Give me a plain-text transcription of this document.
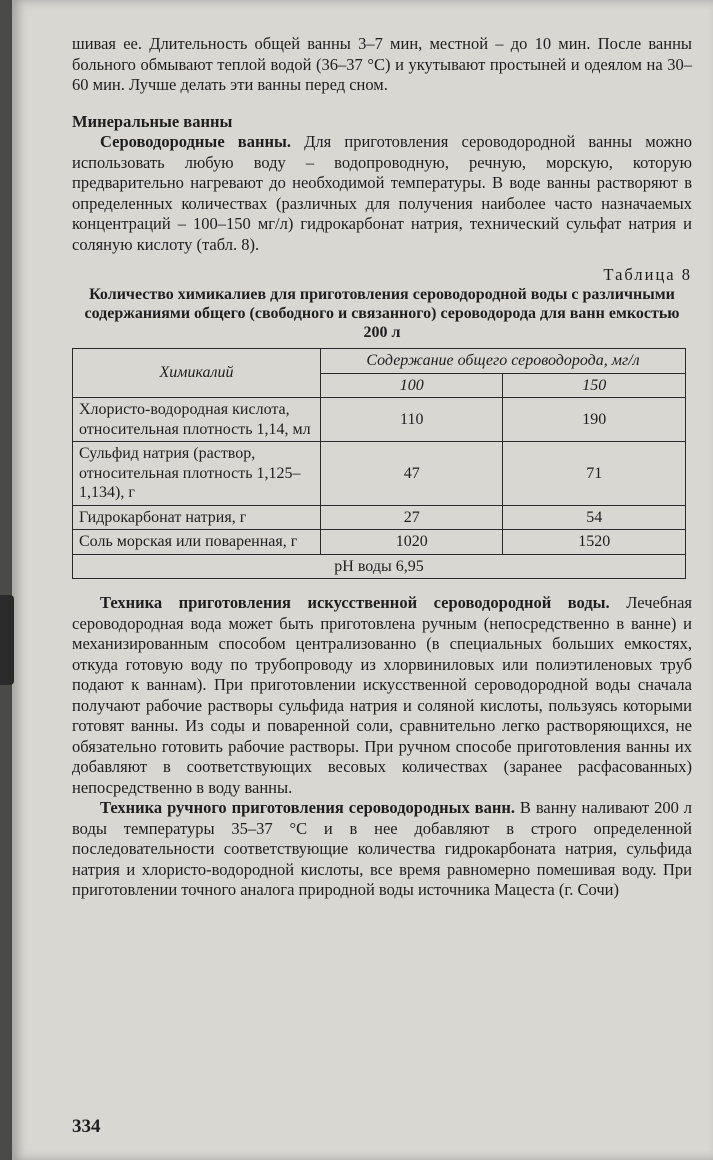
шивая ее. Длительность общей ванны 3–7 мин, местной – до 10 мин. После ванны больного обмывают теплой водой (36–37 °С) и укутывают простыней и одеялом на 30–60 мин. Лучше делать эти ванны перед сном.

Минеральные ванны

Сероводородные ванны. Для приготовления сероводородной ванны можно использовать любую воду – водопроводную, речную, морскую, которую предварительно нагревают до необходимой температуры. В воде ванны растворяют в определенных количествах (различных для получения наиболее часто назначаемых концентраций – 100–150 мг/л) гидрокарбонат натрия, технический сульфат натрия и соляную кислоту (табл. 8).

Таблица 8
Количество химикалиев для приготовления сероводородной воды с различными содержаниями общего (свободного и связанного) сероводорода для ванн емкостью 200 л
Химикалий	Содержание общего сероводорода, мг/л	
	100	150
Хлористо-водородная кислота, относительная плотность 1,14, мл	110	190
Сульфид натрия (раствор, относительная плотность 1,125–1,134), г	47	71
Гидрокарбонат натрия, г	27	54
Соль морская или поваренная, г	1020	1520
рН воды 6,95		

Техника приготовления искусственной сероводородной воды. Лечебная сероводородная вода может быть приготовлена ручным (непосредственно в ванне) и механизированным способом централизованно (в специальных больших емкостях, откуда готовую воду по трубопроводу из хлорвиниловых или полиэтиленовых труб подают к ваннам). При приготовлении искусственной сероводородной воды сначала получают рабочие растворы сульфида натрия и соляной кислоты, пользуясь которыми готовят ванны. Из соды и поваренной соли, сравнительно легко растворяющихся, не обязательно готовить рабочие растворы. При ручном способе приготовления ванны их добавляют в соответствующих весовых количествах (заранее расфасованных) непосредственно в воду ванны.

Техника ручного приготовления сероводородных ванн. В ванну наливают 200 л воды температуры 35–37 °С и в нее добавляют в строго определенной последовательности соответствующие количества гидрокарбоната натрия, сульфида натрия и хлористо-водородной кислоты, все время равномерно помешивая воду. При приготовлении точного аналога природной воды источника Мацеста (г. Сочи)

334
